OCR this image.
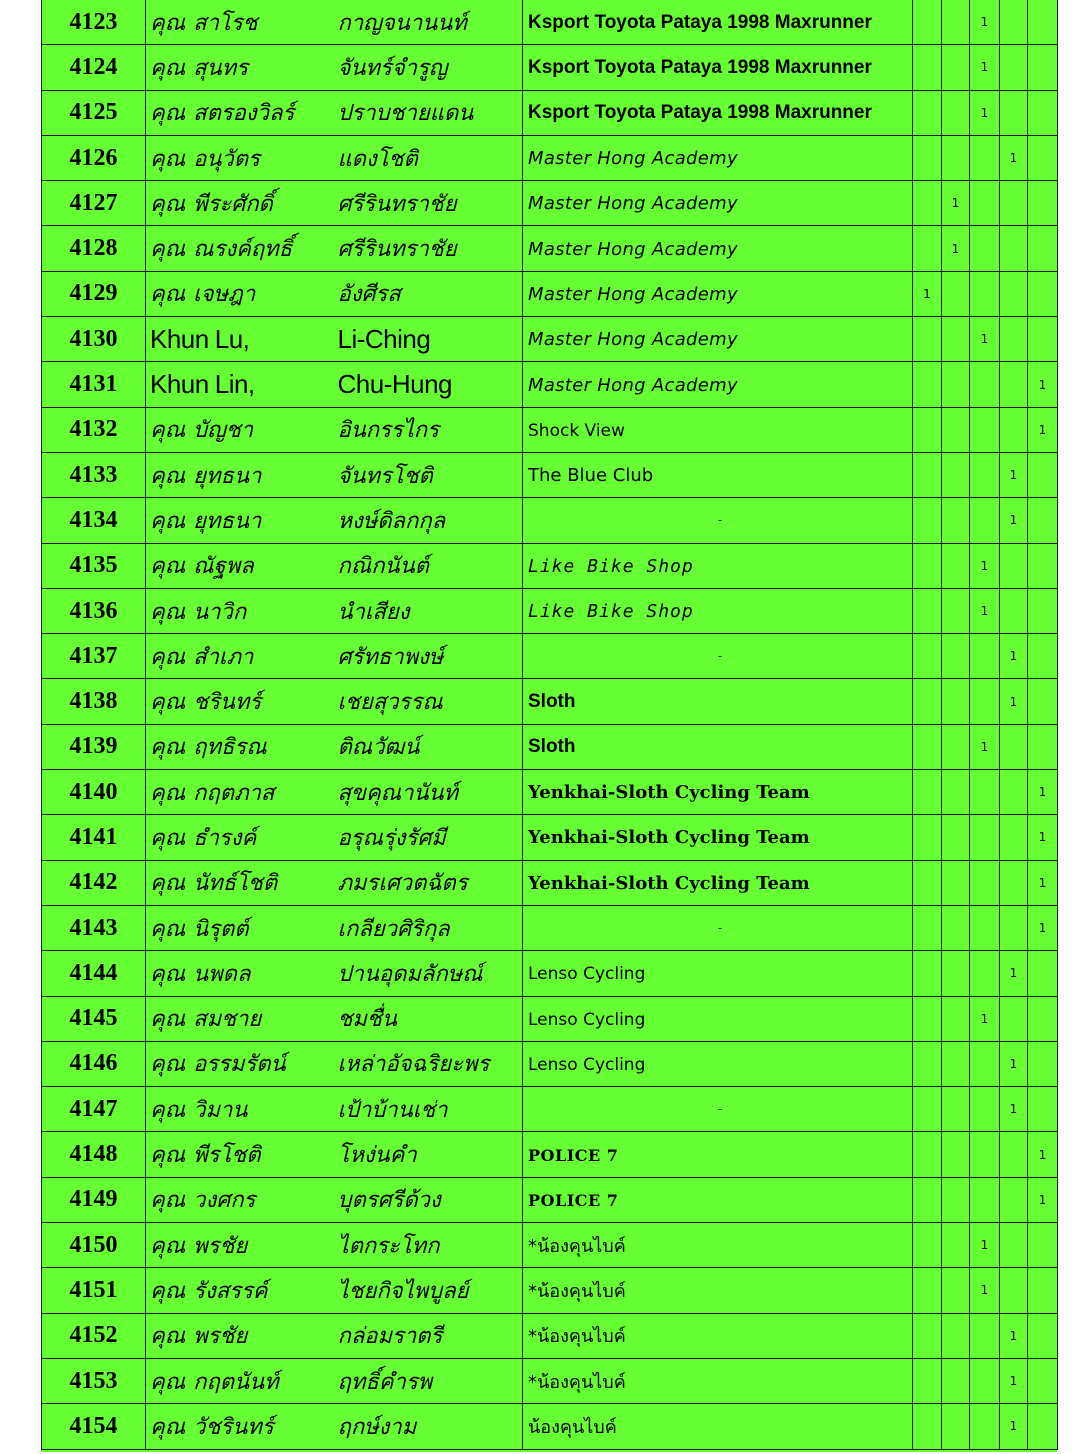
4123	คุณ สาโรช	กาญจนานนท์	Ksport Toyota Pataya 1998 Maxrunner			1		
4124	คุณ สุนทร	จันทร์จำรูญ	Ksport Toyota Pataya 1998 Maxrunner			1		
4125	คุณ สตรองวิลร์	ปราบชายแดน	Ksport Toyota Pataya 1998 Maxrunner			1		
4126	คุณ อนุวัตร	แดงโชติ	Master Hong Academy				1	
4127	คุณ พีระศักดิ์	ศรีรินทราชัย	Master Hong Academy		1			
4128	คุณ ณรงค์ฤทธิ์	ศรีรินทราชัย	Master Hong Academy		1			
4129	คุณ เจษฎา	อังศีรส	Master Hong Academy	1				
4130	Khun Lu,	Li-Ching	Master Hong Academy			1		
4131	Khun Lin,	Chu-Hung	Master Hong Academy					1
4132	คุณ บัญชา	อินกรรไกร	Shock View					1
4133	คุณ ยุทธนา	จันทรโชติ	The Blue Club				1	
4134	คุณ ยุทธนา	หงษ์ดิลกกุล	-				1	
4135	คุณ ณัฐพล	กณิกนันต์	Like Bike Shop			1		
4136	คุณ นาวิก	นำเสียง	Like Bike Shop			1		
4137	คุณ สำเภา	ศรัทธาพงษ์	-				1	
4138	คุณ ชรินทร์	เชยสุวรรณ	Sloth				1	
4139	คุณ ฤทธิรณ	ติณวัฒน์	Sloth			1		
4140	คุณ กฤตภาส	สุขคุณานันท์	Yenkhai-Sloth Cycling Team					1
4141	คุณ ธำรงค์	อรุณรุ่งรัศมี	Yenkhai-Sloth Cycling Team					1
4142	คุณ นัทธ์โชติ	ภมรเศวตฉัตร	Yenkhai-Sloth Cycling Team					1
4143	คุณ นิรุตต์	เกลียวศิริกุล	-					1
4144	คุณ นพดล	ปานอุดมลักษณ์	Lenso Cycling				1	
4145	คุณ สมชาย	ชมชื่น	Lenso Cycling			1		
4146	คุณ อรรมรัตน์	เหล่าอัจฉริยะพร	Lenso Cycling				1	
4147	คุณ วิมาน	เป้าบ้านเช่า	-				1	
4148	คุณ พีรโชติ	โหง่นคำ	POLICE 7					1
4149	คุณ วงศกร	บุตรศรีด้วง	POLICE 7					1
4150	คุณ พรชัย	ไตกระโทก	*น้องคุนไบค์			1		
4151	คุณ รังสรรค์	ไชยกิจไพบูลย์	*น้องคุนไบค์			1		
4152	คุณ พรชัย	กล่อมราตรี	*น้องคุนไบค์				1	
4153	คุณ กฤตนันท์	ฤทธิ์คำรพ	*น้องคุนไบค์				1	
4154	คุณ วัชรินทร์	ฤกษ์งาม	น้องคุนไบค์				1	
